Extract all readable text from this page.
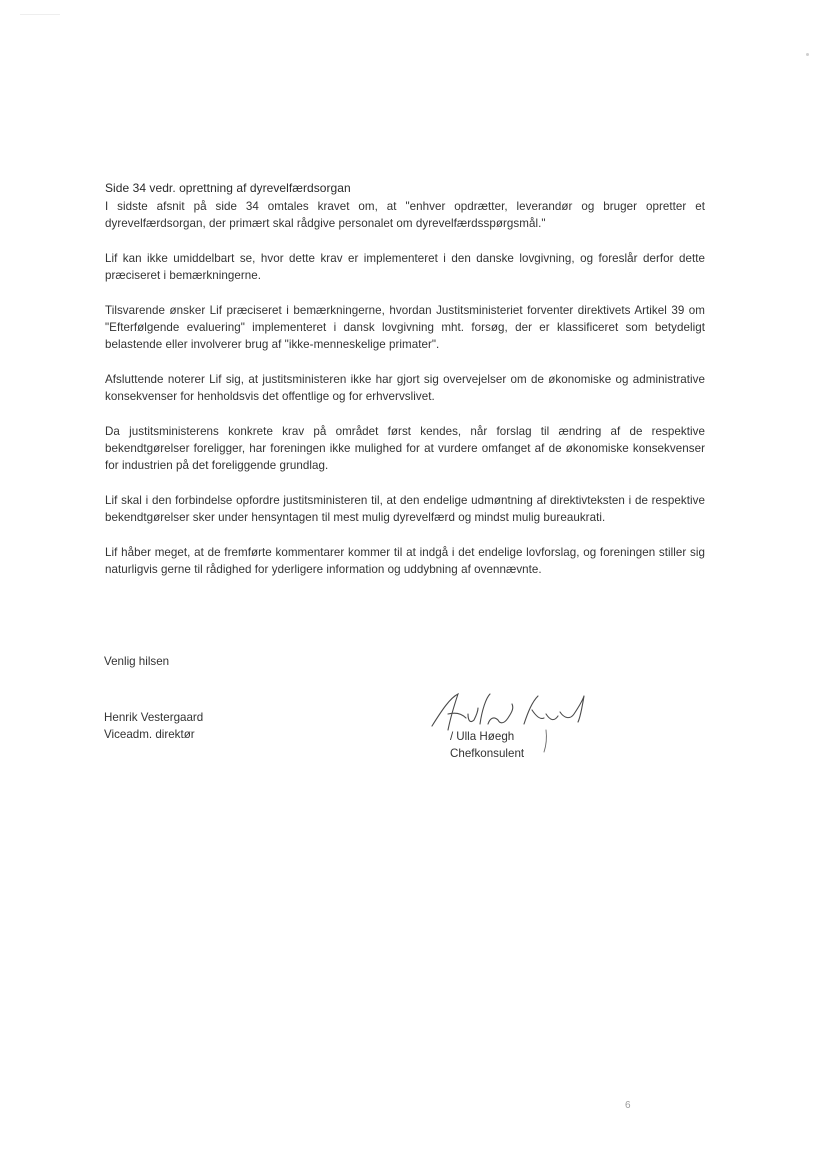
Side 34 vedr. oprettning af dyrevelfærdsorgan

I sidste afsnit på side 34 omtales kravet om, at "enhver opdrætter, leverandør og bruger opretter et dyrevelfærdsorgan, der primært skal rådgive personalet om dyrevelfærdsspørgsmål."

Lif kan ikke umiddelbart se, hvor dette krav er implementeret i den danske lovgivning, og foreslår derfor dette præciseret i bemærkningerne.

Tilsvarende ønsker Lif præciseret i bemærkningerne, hvordan Justitsministeriet forventer direktivets Artikel 39 om "Efterfølgende evaluering" implementeret i dansk lovgivning mht. forsøg, der er klassificeret som betydeligt belastende eller involverer brug af "ikke-menneskelige primater".

Afsluttende noterer Lif sig, at justitsministeren ikke har gjort sig overvejelser om de økonomiske og administrative konsekvenser for henholdsvis det offentlige og for erhvervslivet.

Da justitsministerens konkrete krav på området først kendes, når forslag til ændring af de respektive bekendtgørelser foreligger, har foreningen ikke mulighed for at vurdere omfanget af de økonomiske konsekvenser for industrien på det foreliggende grundlag.

Lif skal i den forbindelse opfordre justitsministeren til, at den endelige udmøntning af direktivteksten i de respektive bekendtgørelser sker under hensyntagen til mest mulig dyrevelfærd og mindst mulig bureaukrati.

Lif håber meget, at de fremførte kommentarer kommer til at indgå i det endelige lovforslag, og foreningen stiller sig naturligvis gerne til rådighed for yderligere information og uddybning af ovennævnte.

Venlig hilsen
Henrik Vestergaard
Viceadm. direktør	/ Ulla Høegh
Chefkonsulent
6
